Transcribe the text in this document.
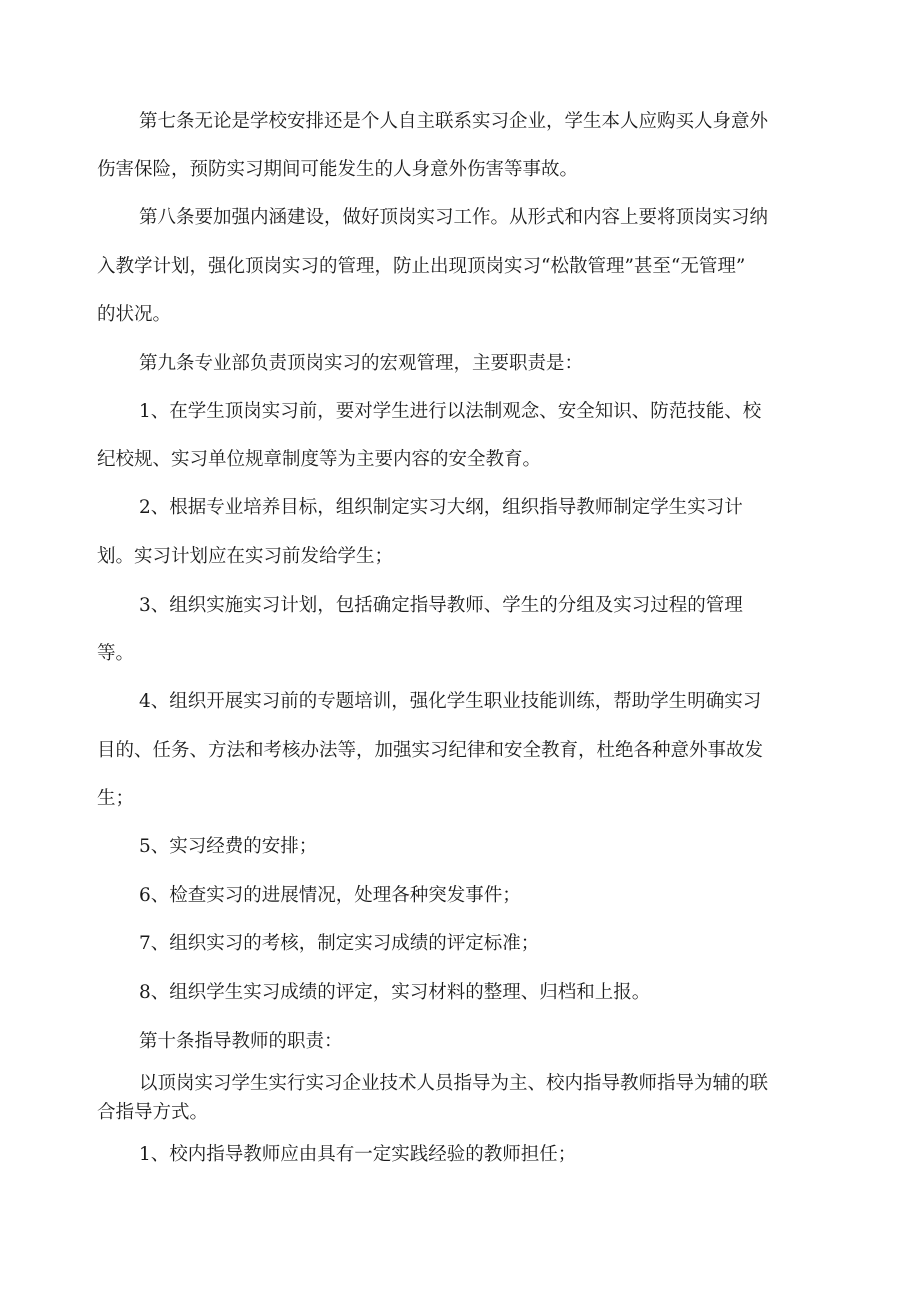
第七条无论是学校安排还是个人自主联系实习企业，学生本人应购买人身意外
伤害保险，预防实习期间可能发生的人身意外伤害等事故。
第八条要加强内涵建设，做好顶岗实习工作。从形式和内容上要将顶岗实习纳
入教学计划，强化顶岗实习的管理，防止出现顶岗实习“松散管理”甚至“无管理”
的状况。
第九条专业部负责顶岗实习的宏观管理，主要职责是：
1、在学生顶岗实习前，要对学生进行以法制观念、安全知识、防范技能、校
纪校规、实习单位规章制度等为主要内容的安全教育。
2、根据专业培养目标，组织制定实习大纲，组织指导教师制定学生实习计
划。实习计划应在实习前发给学生；
3、组织实施实习计划，包括确定指导教师、学生的分组及实习过程的管理
等。
4、组织开展实习前的专题培训，强化学生职业技能训练，帮助学生明确实习
目的、任务、方法和考核办法等，加强实习纪律和安全教育，杜绝各种意外事故发
生；
5、实习经费的安排；
6、检查实习的进展情况，处理各种突发事件；
7、组织实习的考核，制定实习成绩的评定标准；
8、组织学生实习成绩的评定，实习材料的整理、归档和上报。
第十条指导教师的职责：
以顶岗实习学生实行实习企业技术人员指导为主、校内指导教师指导为辅的联
合指导方式。
1、校内指导教师应由具有一定实践经验的教师担任；
